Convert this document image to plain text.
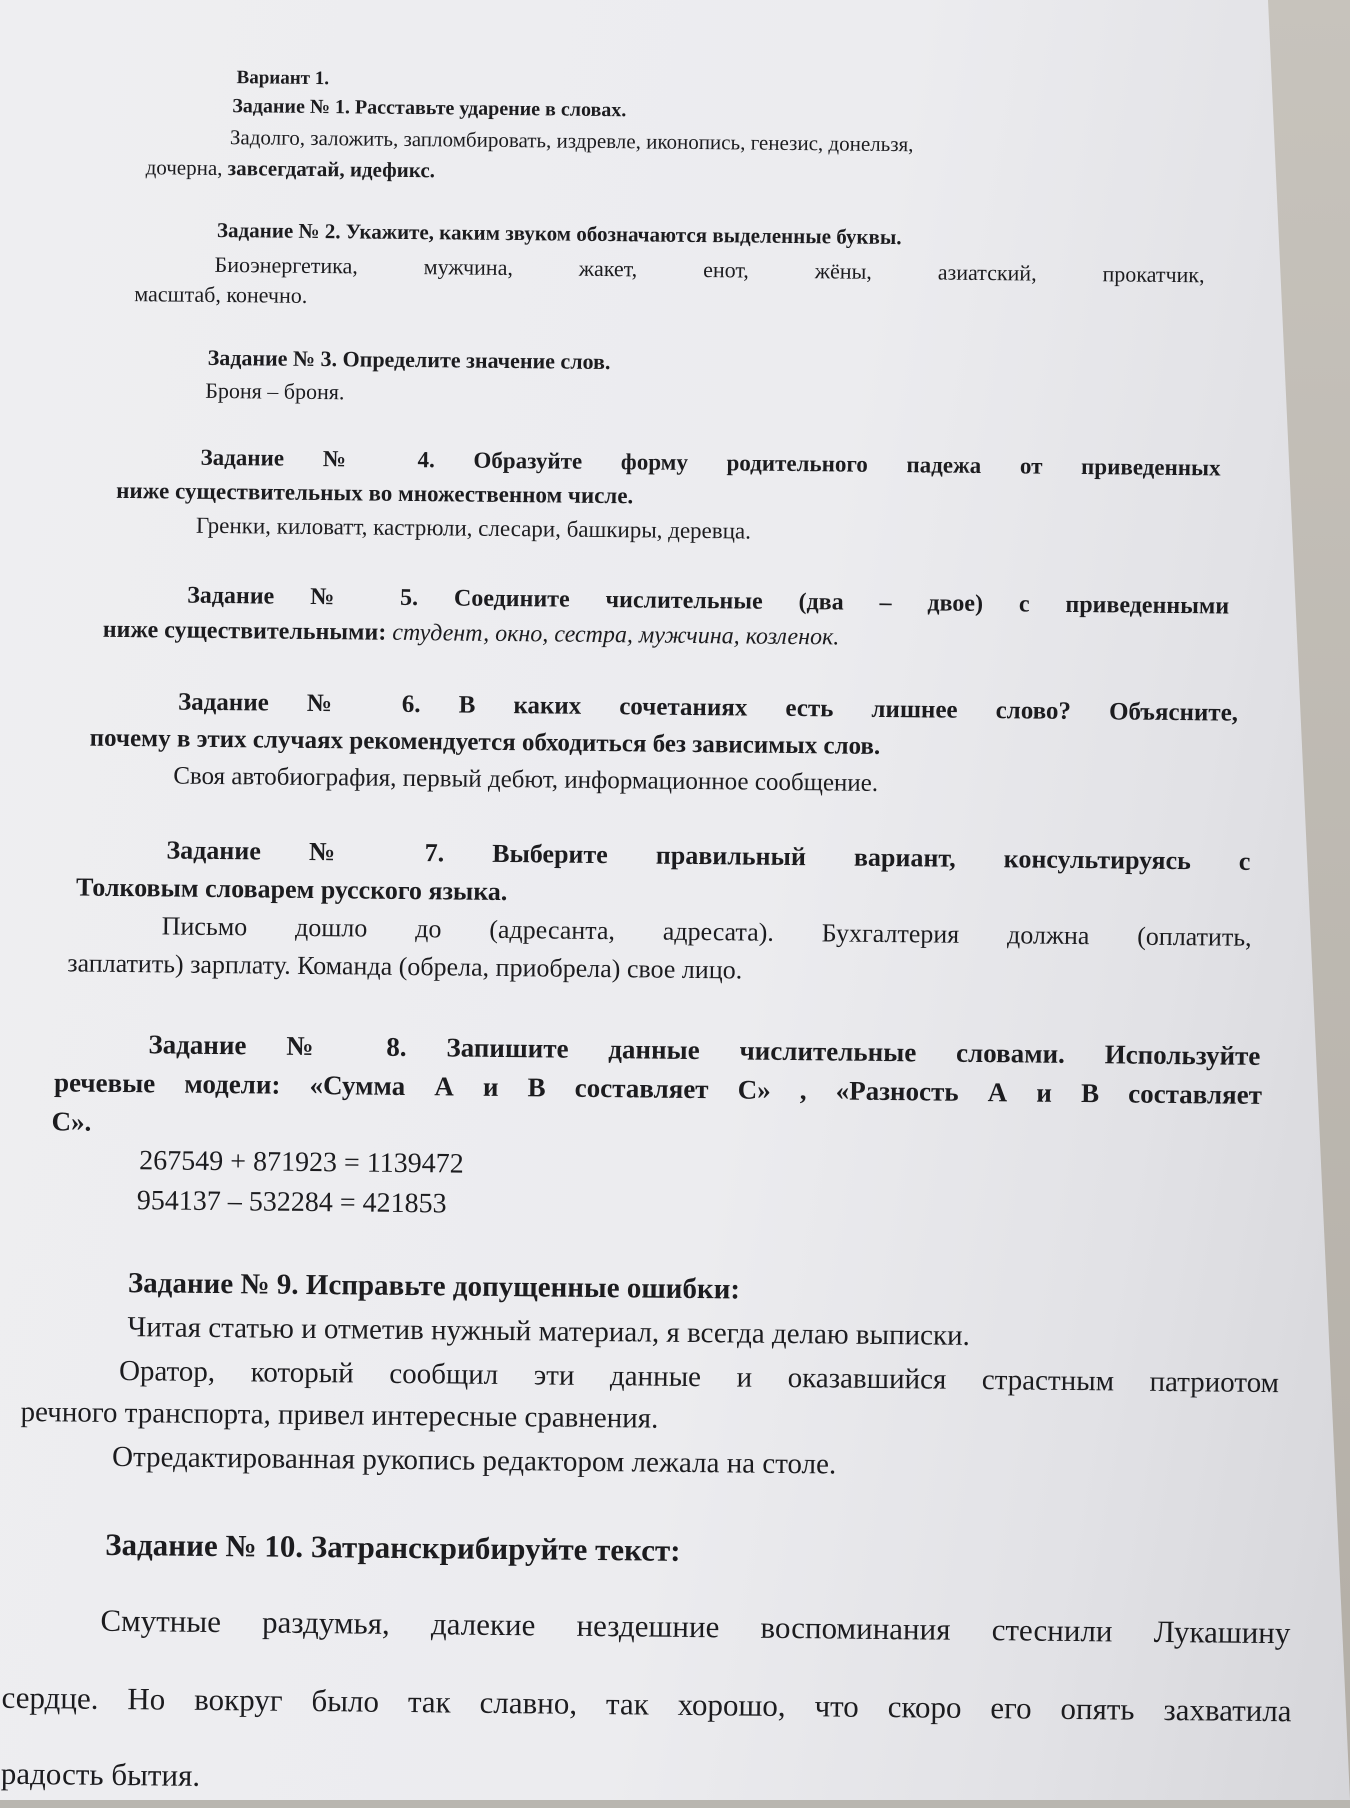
Вариант 1.
Задание № 1. Расставьте ударение в словах.
Задолго, заложить, запломбировать, издревле, иконопись, генезис, донельзя,
дочерна, завсегдатай, идефикс.
Задание № 2. Укажите, каким звуком обозначаются выделенные буквы.
Биоэнергетика, мужчина, жакет, енот, жёны, азиатский, прокатчик,
масштаб, конечно.
Задание № 3. Определите значение слов.
Броня – броня.
Задание № 4. Образуйте форму родительного падежа от приведенных
ниже существительных во множественном числе.
Гренки, киловатт, кастрюли, слесари, башкиры, деревца.
Задание № 5. Соедините числительные (два – двое) с приведенными
ниже существительными: студент, окно, сестра, мужчина, козленок.
Задание № 6. В каких сочетаниях есть лишнее слово? Объясните,
почему в этих случаях рекомендуется обходиться без зависимых слов.
Своя автобиография, первый дебют, информационное сообщение.
Задание № 7. Выберите правильный вариант, консультируясь с
Толковым словарем русского языка.
Письмо дошло до (адресанта, адресата). Бухгалтерия должна (оплатить,
заплатить) зарплату. Команда (обрела, приобрела) свое лицо.
Задание № 8. Запишите данные числительные словами. Используйте
речевые модели: «Сумма А и В составляет С» , «Разность А и В составляет
С».
267549 + 871923 = 1139472
954137 – 532284 = 421853
Задание № 9. Исправьте допущенные ошибки:
Читая статью и отметив нужный материал, я всегда делаю выписки.
Оратор, который сообщил эти данные и оказавшийся страстным патриотом
речного транспорта, привел интересные сравнения.
Отредактированная рукопись редактором лежала на столе.
Задание № 10. Затранскрибируйте текст:
Смутные раздумья, далекие нездешние воспоминания стеснили Лукашину
сердце. Но вокруг было так славно, так хорошо, что скоро его опять захватила
радость бытия.
